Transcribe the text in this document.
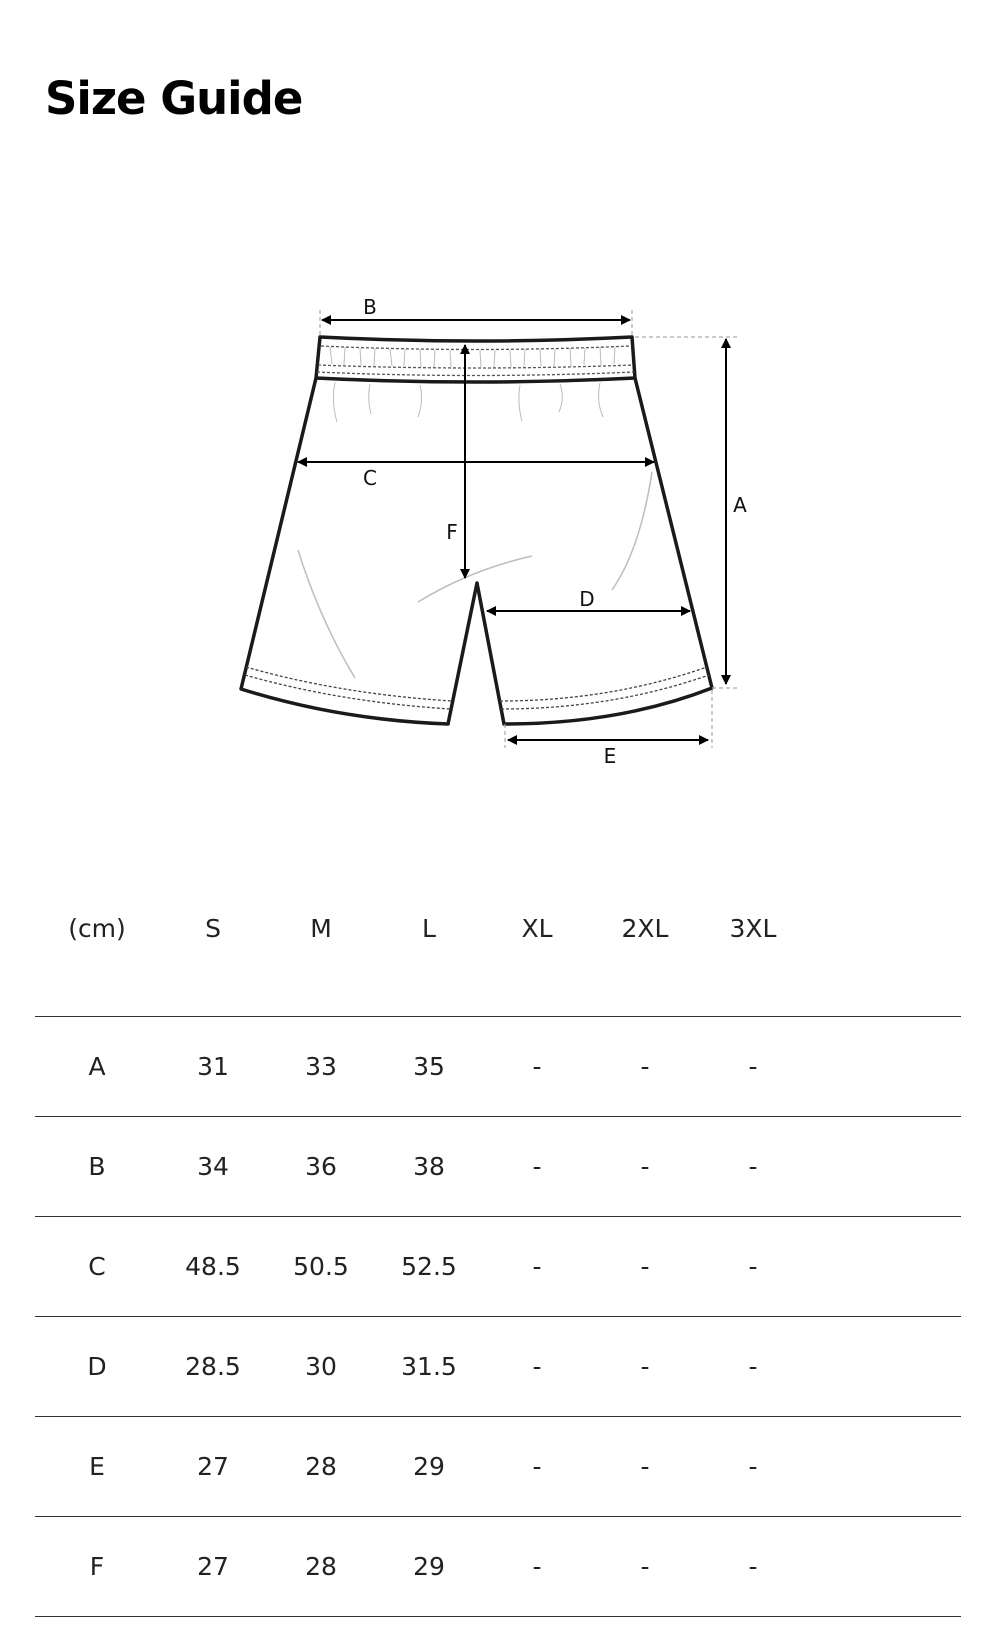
Size Guide
B
C
F
A
D
E
(cm)	S	M	L	XL	2XL	3XL	
A	31	33	35	-	-	-	
B	34	36	38	-	-	-	
C	48.5	50.5	52.5	-	-	-	
D	28.5	30	31.5	-	-	-	
E	27	28	29	-	-	-	
F	27	28	29	-	-	-	
